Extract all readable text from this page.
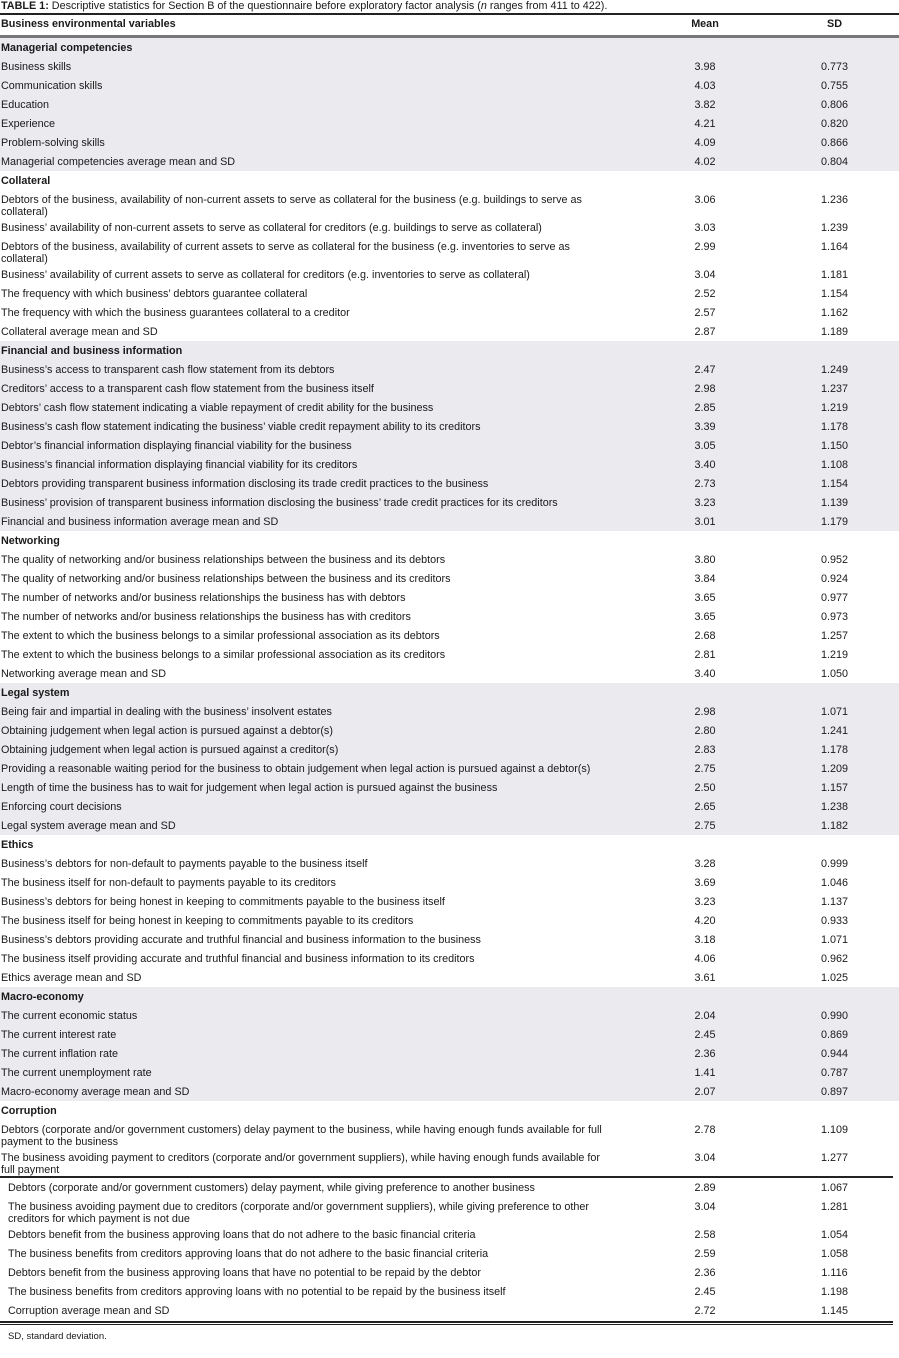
TABLE 1: Descriptive statistics for Section B of the questionnaire before exploratory factor analysis (n ranges from 411 to 422).
Business environmental variables	Mean	SD
Managerial competencies
Business skills	3.98	0.773
Communication skills	4.03	0.755
Education	3.82	0.806
Experience	4.21	0.820
Problem-solving skills	4.09	0.866
Managerial competencies average mean and SD	4.02	0.804
Collateral
Debtors of the business, availability of non-current assets to serve as collateral for the business (e.g. buildings to serve as collateral)
3.06	1.236
Business’ availability of non-current assets to serve as collateral for creditors (e.g. buildings to serve as collateral)	3.03	1.239
Debtors of the business, availability of current assets to serve as collateral for the business (e.g. inventories to serve as collateral)
2.99	1.164
Business’ availability of current assets to serve as collateral for creditors (e.g. inventories to serve as collateral)	3.04	1.181
The frequency with which business’ debtors guarantee collateral	2.52	1.154
The frequency with which the business guarantees collateral to a creditor	2.57	1.162
Collateral average mean and SD	2.87	1.189
Financial and business information
Business’s access to transparent cash flow statement from its debtors	2.47	1.249
Creditors’ access to a transparent cash flow statement from the business itself	2.98	1.237
Debtors’ cash flow statement indicating a viable repayment of credit ability for the business	2.85	1.219
Business’s cash flow statement indicating the business’ viable credit repayment ability to its creditors	3.39	1.178
Debtor’s financial information displaying financial viability for the business	3.05	1.150
Business’s financial information displaying financial viability for its creditors	3.40	1.108
Debtors providing transparent business information disclosing its trade credit practices to the business	2.73	1.154
Business’ provision of transparent business information disclosing the business’ trade credit practices for its creditors	3.23	1.139
Financial and business information average mean and SD	3.01	1.179
Networking
The quality of networking and/or business relationships between the business and its debtors	3.80	0.952
The quality of networking and/or business relationships between the business and its creditors	3.84	0.924
The number of networks and/or business relationships the business has with debtors	3.65	0.977
The number of networks and/or business relationships the business has with creditors	3.65	0.973
The extent to which the business belongs to a similar professional association as its debtors	2.68	1.257
The extent to which the business belongs to a similar professional association as its creditors	2.81	1.219
Networking average mean and SD	3.40	1.050
Legal system
Being fair and impartial in dealing with the business’ insolvent estates	2.98	1.071
Obtaining judgement when legal action is pursued against a debtor(s)	2.80	1.241
Obtaining judgement when legal action is pursued against a creditor(s)	2.83	1.178
Providing a reasonable waiting period for the business to obtain judgement when legal action is pursued against a debtor(s)	2.75	1.209
Length of time the business has to wait for judgement when legal action is pursued against the business	2.50	1.157
Enforcing court decisions	2.65	1.238
Legal system average mean and SD	2.75	1.182
Ethics
Business’s debtors for non-default to payments payable to the business itself	3.28	0.999
The business itself for non-default to payments payable to its creditors	3.69	1.046
Business’s debtors for being honest in keeping to commitments payable to the business itself	3.23	1.137
The business itself for being honest in keeping to commitments payable to its creditors	4.20	0.933
Business’s debtors providing accurate and truthful financial and business information to the business	3.18	1.071
The business itself providing accurate and truthful financial and business information to its creditors	4.06	0.962
Ethics average mean and SD	3.61	1.025
Macro-economy
The current economic status	2.04	0.990
The current interest rate	2.45	0.869
The current inflation rate	2.36	0.944
The current unemployment rate	1.41	0.787
Macro-economy average mean and SD	2.07	0.897
Corruption
Debtors (corporate and/or government customers) delay payment to the business, while having enough funds available for full payment to the business
2.78	1.109
The business avoiding payment to creditors (corporate and/or government suppliers), while having enough funds available for full payment
3.04	1.277
Debtors (corporate and/or government customers) delay payment, while giving preference to another business	2.89	1.067
The business avoiding payment due to creditors (corporate and/or government suppliers), while giving preference to other creditors for which payment is not due
3.04	1.281
Debtors benefit from the business approving loans that do not adhere to the basic financial criteria	2.58	1.054
The business benefits from creditors approving loans that do not adhere to the basic financial criteria	2.59	1.058
Debtors benefit from the business approving loans that have no potential to be repaid by the debtor	2.36	1.116
The business benefits from creditors approving loans with no potential to be repaid by the business itself	2.45	1.198
Corruption average mean and SD	2.72	1.145
SD, standard deviation.
